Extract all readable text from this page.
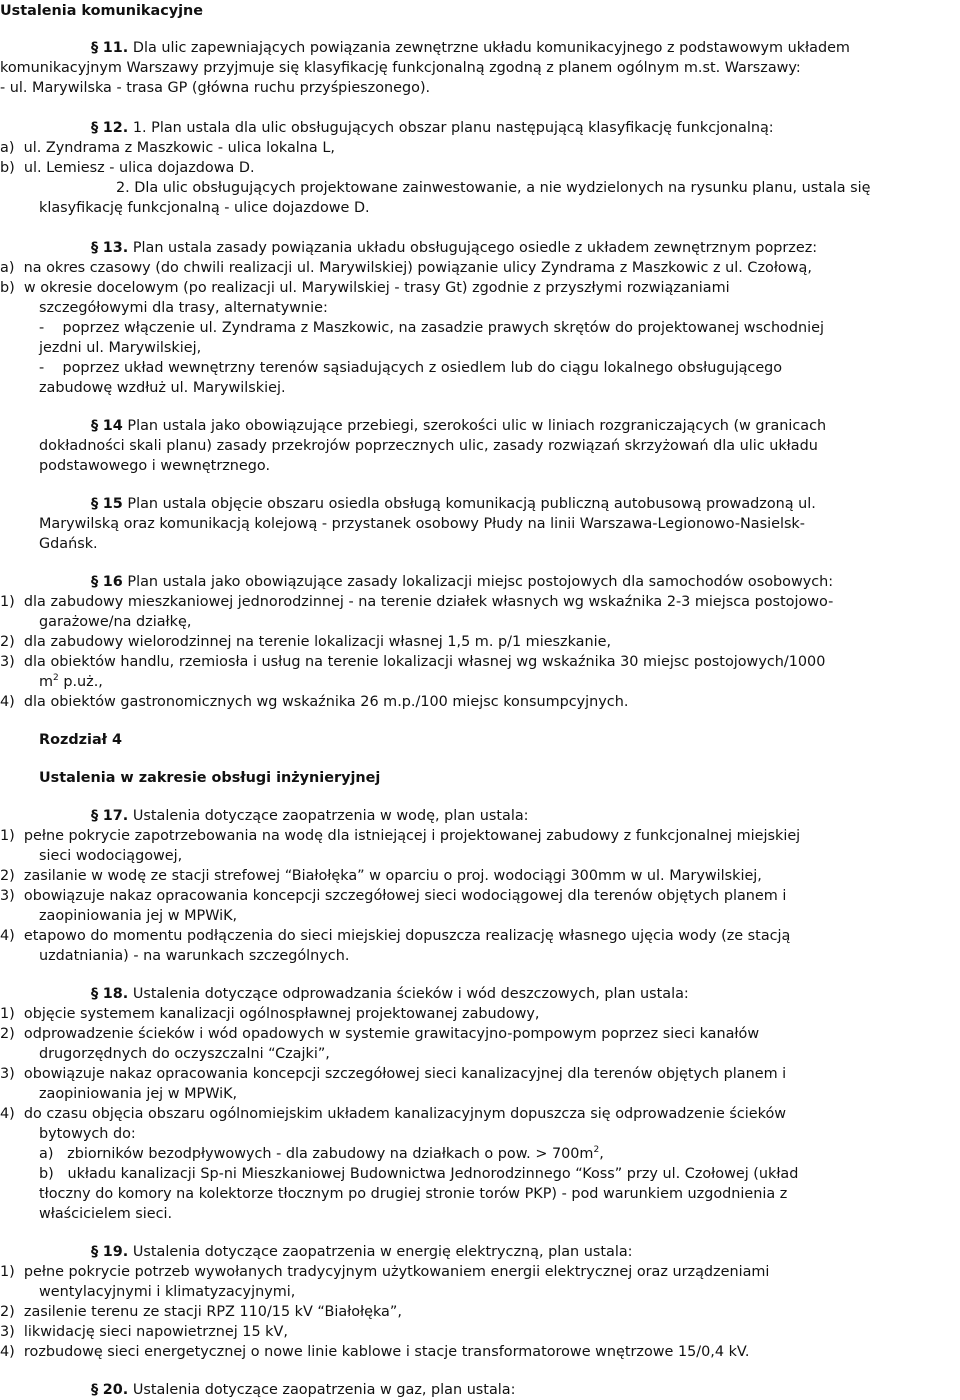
Ustalenia komunikacyjne
§ 11. Dla ulic zapewniających powiązania zewnętrzne układu komunikacyjnego z podstawowym układem
komunikacyjnym Warszawy przyjmuje się klasyfikację funkcjonalną zgodną z planem ogólnym m.st. Warszawy:
- ul. Marywilska - trasa GP (główna ruchu przyśpieszonego).
§ 12. 1. Plan ustala dla ulic obsługujących obszar planu następującą klasyfikację funkcjonalną:
a)  ul. Zyndrama z Maszkowic - ulica lokalna L,
b)  ul. Lemiesz - ulica dojazdowa D.
2. Dla ulic obsługujących projektowane zainwestowanie, a nie wydzielonych na rysunku planu, ustala się
klasyfikację funkcjonalną - ulice dojazdowe D.
§ 13. Plan ustala zasady powiązania układu obsługującego osiedle z układem zewnętrznym poprzez:
a)  na okres czasowy (do chwili realizacji ul. Marywilskiej) powiązanie ulicy Zyndrama z Maszkowic z ul. Czołową,
b)  w okresie docelowym (po realizacji ul. Marywilskiej - trasy Gt) zgodnie z przyszłymi rozwiązaniami
szczegółowymi dla trasy, alternatywnie:
-    poprzez włączenie ul. Zyndrama z Maszkowic, na zasadzie prawych skrętów do projektowanej wschodniej
jezdni ul. Marywilskiej,
-    poprzez układ wewnętrzny terenów sąsiadujących z osiedlem lub do ciągu lokalnego obsługującego
zabudowę wzdłuż ul. Marywilskiej.
§ 14 Plan ustala jako obowiązujące przebiegi, szerokości ulic w liniach rozgraniczających (w granicach
dokładności skali planu) zasady przekrojów poprzecznych ulic, zasady rozwiązań skrzyżowań dla ulic układu
podstawowego i wewnętrznego.
§ 15 Plan ustala objęcie obszaru osiedla obsługą komunikacją publiczną autobusową prowadzoną ul.
Marywilską oraz komunikacją kolejową - przystanek osobowy Płudy na linii Warszawa-Legionowo-Nasielsk-
Gdańsk.
§ 16 Plan ustala jako obowiązujące zasady lokalizacji miejsc postojowych dla samochodów osobowych:
1)  dla zabudowy mieszkaniowej jednorodzinnej - na terenie działek własnych wg wskaźnika 2-3 miejsca postojowo-
garażowe/na działkę,
2)  dla zabudowy wielorodzinnej na terenie lokalizacji własnej 1,5 m. p/1 mieszkanie,
3)  dla obiektów handlu, rzemiosła i usług na terenie lokalizacji własnej wg wskaźnika 30 miejsc postojowych/1000
$m^2$ p.uż.,
4)  dla obiektów gastronomicznych wg wskaźnika 26 m.p./100 miejsc konsumpcyjnych.
Rozdział 4
Ustalenia w zakresie obsługi inżynieryjnej
§ 17. Ustalenia dotyczące zaopatrzenia w wodę, plan ustala:
1)  pełne pokrycie zapotrzebowania na wodę dla istniejącej i projektowanej zabudowy z funkcjonalnej miejskiej
sieci wodociągowej,
2)  zasilanie w wodę ze stacji strefowej “Białołęka” w oparciu o proj. wodociągi 300mm w ul. Marywilskiej,
3)  obowiązuje nakaz opracowania koncepcji szczegółowej sieci wodociągowej dla terenów objętych planem i
zaopiniowania jej w MPWiK,
4)  etapowo do momentu podłączenia do sieci miejskiej dopuszcza realizację własnego ujęcia wody (ze stacją
uzdatniania) - na warunkach szczególnych.
§ 18. Ustalenia dotyczące odprowadzania ścieków i wód deszczowych, plan ustala:
1)  objęcie systemem kanalizacji ogólnospławnej projektowanej zabudowy,
2)  odprowadzenie ścieków i wód opadowych w systemie grawitacyjno-pompowym poprzez sieci kanałów
drugorzędnych do oczyszczalni “Czajki”,
3)  obowiązuje nakaz opracowania koncepcji szczegółowej sieci kanalizacyjnej dla terenów objętych planem i
zaopiniowania jej w MPWiK,
4)  do czasu objęcia obszaru ogólnomiejskim układem kanalizacyjnym dopuszcza się odprowadzenie ścieków
bytowych do:
a)   zbiorników bezodpływowych - dla zabudowy na działkach o pow. > $700m^2$,
b)   układu kanalizacji Sp-ni Mieszkaniowej Budownictwa Jednorodzinnego “Koss” przy ul. Czołowej (układ
tłoczny do komory na kolektorze tłocznym po drugiej stronie torów PKP) - pod warunkiem uzgodnienia z
właścicielem sieci.
§ 19. Ustalenia dotyczące zaopatrzenia w energię elektryczną, plan ustala:
1)  pełne pokrycie potrzeb wywołanych tradycyjnym użytkowaniem energii elektrycznej oraz urządzeniami
wentylacyjnymi i klimatyzacyjnymi,
2)  zasilenie terenu ze stacji RPZ 110/15 kV “Białołęka”,
3)  likwidację sieci napowietrznej 15 kV,
4)  rozbudowę sieci energetycznej o nowe linie kablowe i stacje transformatorowe wnętrzowe 15/0,4 kV.
§ 20. Ustalenia dotyczące zaopatrzenia w gaz, plan ustala:
